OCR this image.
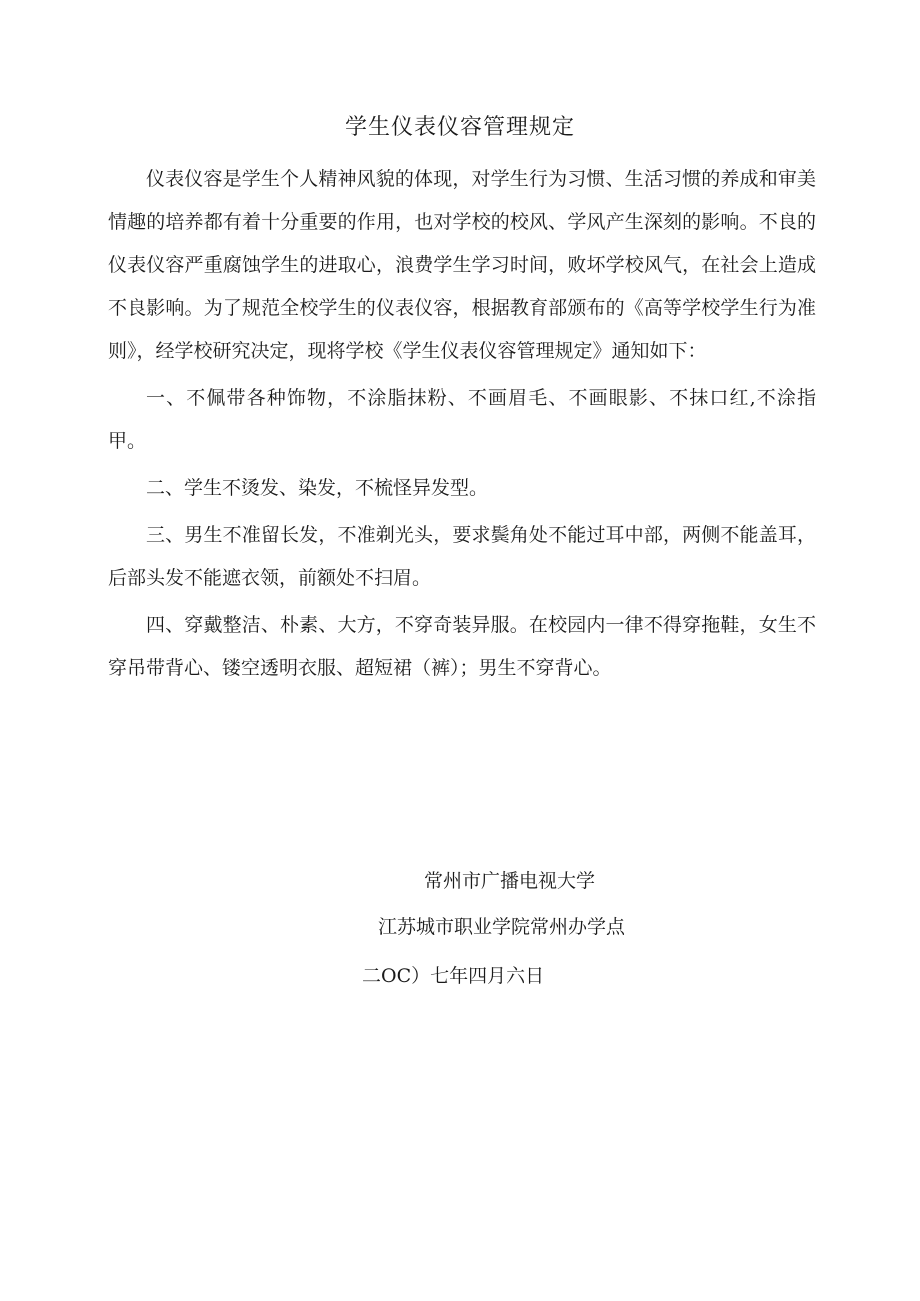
学生仪表仪容管理规定

仪表仪容是学生个人精神风貌的体现，对学生行为习惯、生活习惯的养成和审美情趣的培养都有着十分重要的作用，也对学校的校风、学风产生深刻的影响。不良的仪表仪容严重腐蚀学生的进取心，浪费学生学习时间，败坏学校风气，在社会上造成不良影响。为了规范全校学生的仪表仪容，根据教育部颁布的《高等学校学生行为准则》，经学校研究决定，现将学校《学生仪表仪容管理规定》通知如下：

一、不佩带各种饰物，不涂脂抹粉、不画眉毛、不画眼影、不抹口红,不涂指甲。

二、学生不烫发、染发，不梳怪异发型。

三、男生不准留长发，不准剃光头，要求鬓角处不能过耳中部，两侧不能盖耳，后部头发不能遮衣领，前额处不扫眉。

四、穿戴整洁、朴素、大方，不穿奇装异服。在校园内一律不得穿拖鞋，女生不穿吊带背心、镂空透明衣服、超短裙（裤）；男生不穿背心。

常州市广播电视大学
江苏城市职业学院常州办学点
二OC）七年四月六日
